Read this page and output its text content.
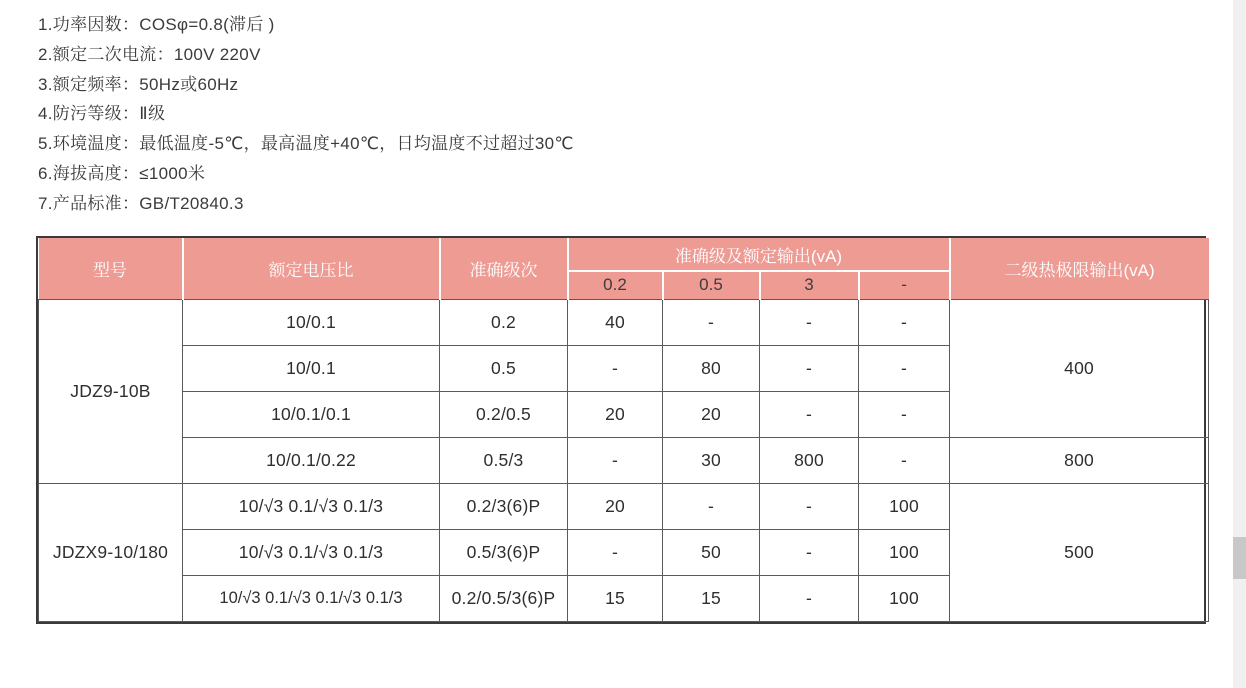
1.功率因数：COSφ=0.8(滞后 )
2.额定二次电流：100V 220V
3.额定频率：50Hz或60Hz
4.防污等级：Ⅱ级
5.环境温度：最低温度-5℃，最高温度+40℃，日均温度不过超过30℃
6.海拔高度：≤1000米
7.产品标准：GB/T20840.3
型号	额定电压比	准确级次	准确级及额定输出(vA)				二级热极限输出(vA)
			0.2	0.5	3	-	
JDZ9-10B	10/0.1	0.2	40	-	-	-	400
	10/0.1	0.5	-	80	-	-	
	10/0.1/0.1	0.2/0.5	20	20	-	-	
	10/0.1/0.22	0.5/3	-	30	800	-	800
JDZX9-10/180	10/√3 0.1/√3 0.1/3	0.2/3(6)P	20	-	-	100	500
	10/√3 0.1/√3 0.1/3	0.5/3(6)P	-	50	-	100	
	10/√3 0.1/√3 0.1/√3 0.1/3	0.2/0.5/3(6)P	15	15	-	100	
